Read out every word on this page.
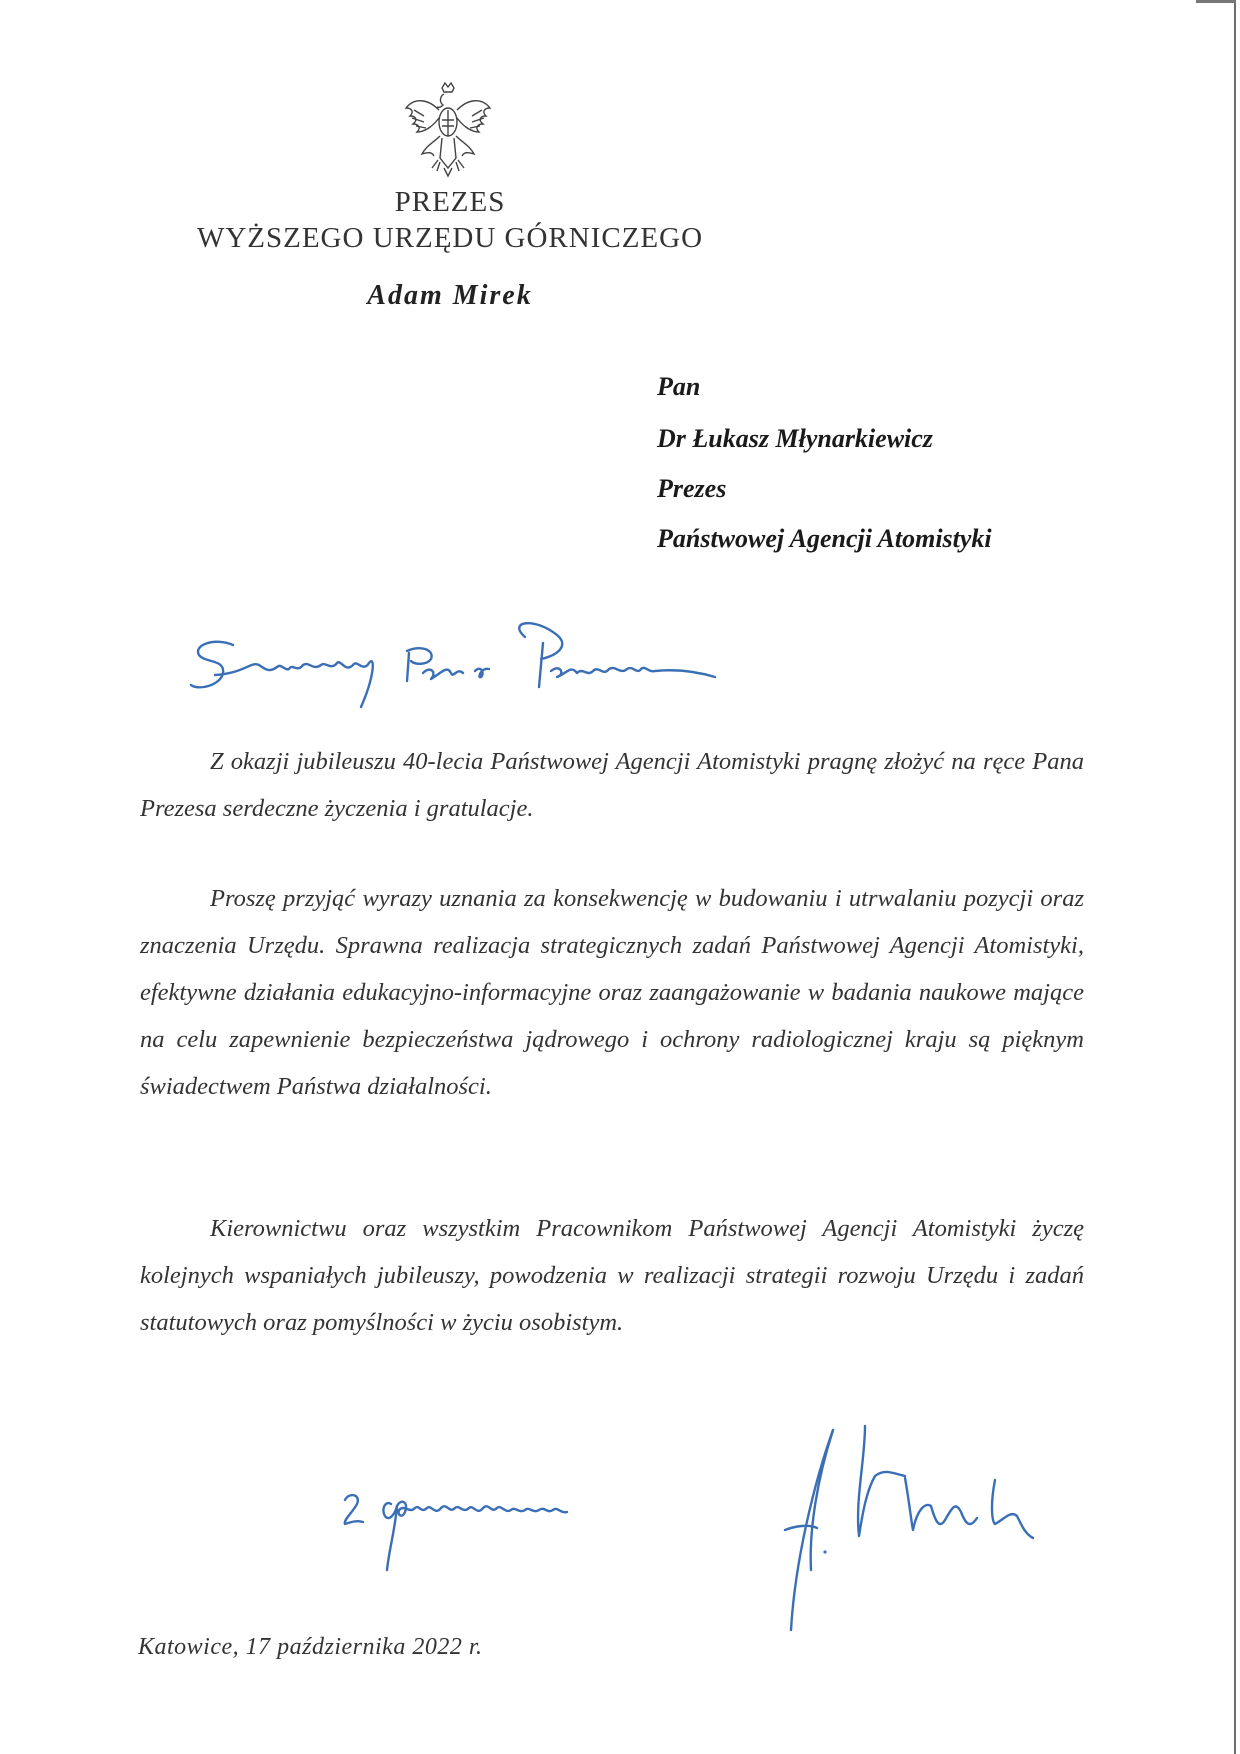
PREZES
WYŻSZEGO URZĘDU GÓRNICZEGO
Adam Mirek
Pan
Dr Łukasz Młynarkiewicz
Prezes
Państwowej Agencji Atomistyki

Z okazji jubileuszu 40-lecia Państwowej Agencji Atomistyki pragnę złożyć na ręce Pana Prezesa serdeczne życzenia i gratulacje.

Proszę przyjąć wyrazy uznania za konsekwencję w budowaniu i utrwalaniu pozycji oraz znaczenia Urzędu. Sprawna realizacja strategicznych zadań Państwowej Agencji Atomistyki, efektywne działania edukacyjno-informacyjne oraz zaangażowanie w badania naukowe mające na celu zapewnienie bezpieczeństwa jądrowego i ochrony radiologicznej kraju są pięknym świadectwem Państwa działalności.

Kierownictwu oraz wszystkim Pracownikom Państwowej Agencji Atomistyki życzę kolejnych wspaniałych jubileuszy, powodzenia w realizacji strategii rozwoju Urzędu i zadań statutowych oraz pomyślności w życiu osobistym.

Katowice, 17 października 2022 r.
